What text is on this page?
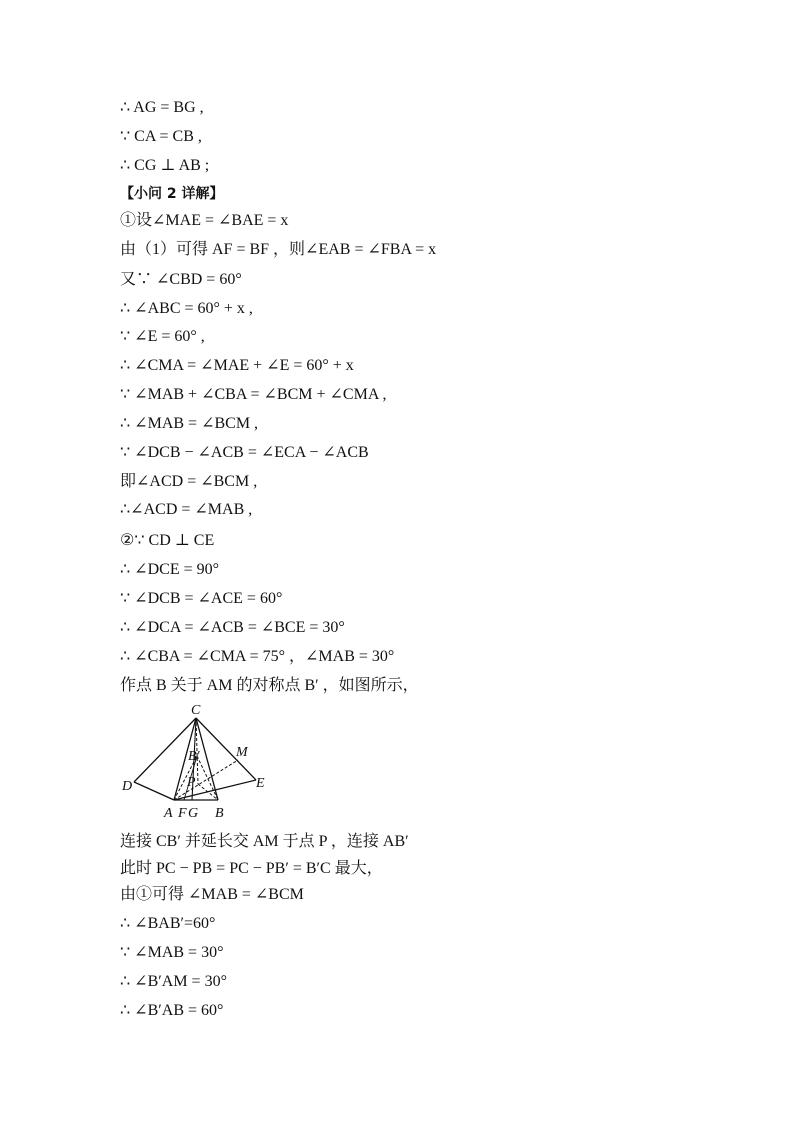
∴ AG = BG ,
∵ CA = CB ,
∴ CG ⊥ AB ;
【小问 2 详解】
①设∠MAE = ∠BAE = x
由（1）可得 AF = BF ，则∠EAB = ∠FBA = x
又∵ ∠CBD = 60°
∴ ∠ABC = 60° + x ,
∵ ∠E = 60° ,
∴ ∠CMA = ∠MAE + ∠E = 60° + x
∵ ∠MAB + ∠CBA = ∠BCM + ∠CMA ,
∴ ∠MAB = ∠BCM ,
∵ ∠DCB − ∠ACB = ∠ECA − ∠ACB
即∠ACD = ∠BCM ,
∴∠ACD = ∠MAB ,
②∵ CD ⊥ CE
∴ ∠DCE = 90°
∵ ∠DCB = ∠ACE = 60°
∴ ∠DCA = ∠ACB = ∠BCE = 30°
∴ ∠CBA = ∠CMA = 75° ，∠MAB = 30°
作点 B 关于 AM 的对称点 B′ ，如图所示，
C
B′	M
D	P	E
A F G B
连接 CB′ 并延长交 AM 于点 P ，连接 AB′
此时 PC − PB = PC − PB′ = B′C 最大，
由①可得 ∠MAB = ∠BCM
∴ ∠BAB′=60°
∵ ∠MAB = 30°
∴ ∠B′AM = 30°
∴ ∠B′AB = 60°
